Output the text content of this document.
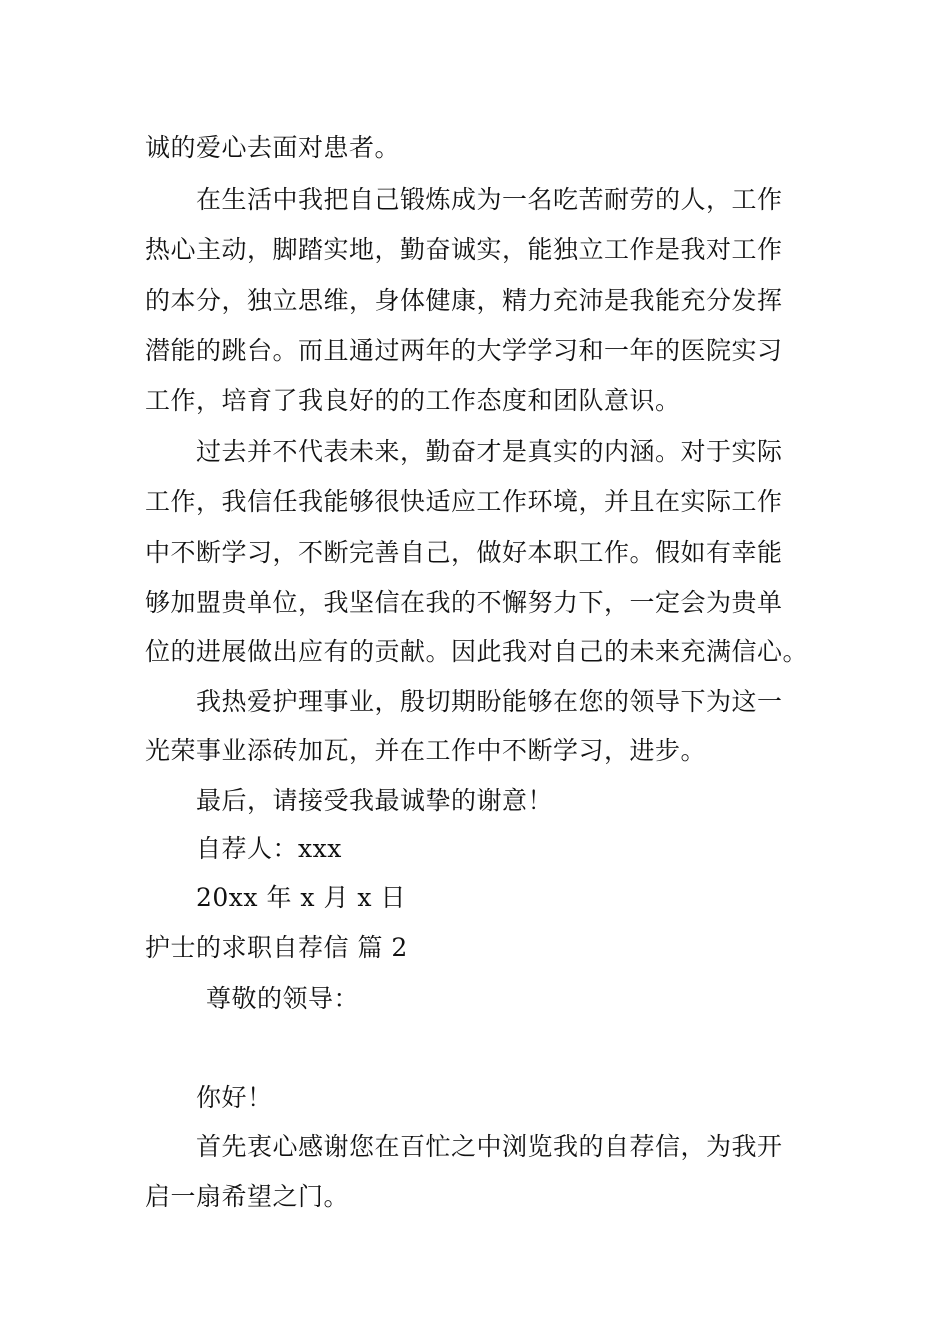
诚的爱心去面对患者。
在生活中我把自己锻炼成为一名吃苦耐劳的人，工作
热心主动，脚踏实地，勤奋诚实，能独立工作是我对工作
的本分，独立思维，身体健康，精力充沛是我能充分发挥
潜能的跳台。而且通过两年的大学学习和一年的医院实习
工作，培育了我良好的的工作态度和团队意识。
过去并不代表未来，勤奋才是真实的内涵。对于实际
工作，我信任我能够很快适应工作环境，并且在实际工作
中不断学习，不断完善自己，做好本职工作。假如有幸能
够加盟贵单位，我坚信在我的不懈努力下，一定会为贵单
位的进展做出应有的贡献。因此我对自己的未来充满信心。
我热爱护理事业，殷切期盼能够在您的领导下为这一
光荣事业添砖加瓦，并在工作中不断学习，进步。
最后，请接受我最诚挚的谢意！
自荐人：xxx
20xx 年 x 月 x 日
护士的求职自荐信 篇 2
尊敬的领导：
你好！
首先衷心感谢您在百忙之中浏览我的自荐信，为我开
启一扇希望之门。
